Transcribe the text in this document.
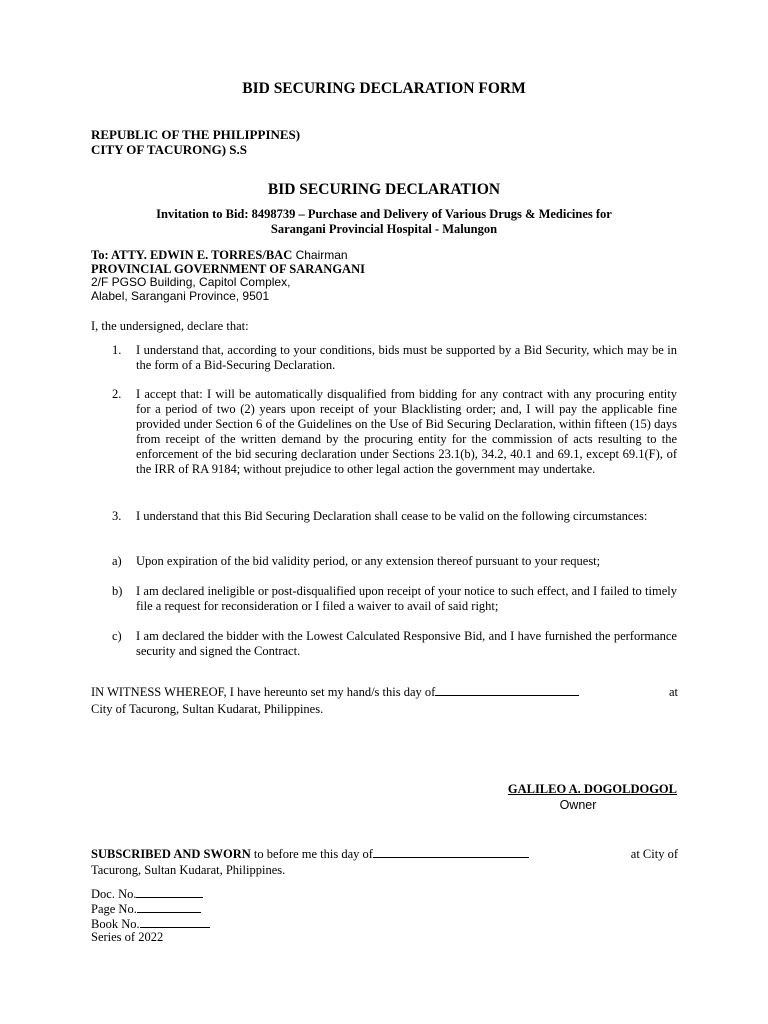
BID SECURING DECLARATION FORM
REPUBLIC OF THE PHILIPPINES)
CITY OF TACURONG) S.S
BID SECURING DECLARATION
Invitation to Bid: 8498739 – Purchase and Delivery of Various Drugs & Medicines for
Sarangani Provincial Hospital - Malungon
To: ATTY. EDWIN E. TORRES/BAC Chairman
PROVINCIAL GOVERNMENT OF SARANGANI
2/F PGSO Building, Capitol Complex,
Alabel, Sarangani Province, 9501
I, the undersigned, declare that:
1. I understand that, according to your conditions, bids must be supported by a Bid Security, which may be in the form of a Bid-Securing Declaration.
2. I accept that: I will be automatically disqualified from bidding for any contract with any procuring entity for a period of two (2) years upon receipt of your Blacklisting order; and, I will pay the applicable fine provided under Section 6 of the Guidelines on the Use of Bid Securing Declaration, within fifteen (15) days from receipt of the written demand by the procuring entity for the commission of acts resulting to the enforcement of the bid securing declaration under Sections 23.1(b), 34.2, 40.1 and 69.1, except 69.1(F), of the IRR of RA 9184; without prejudice to other legal action the government may undertake.
3. I understand that this Bid Securing Declaration shall cease to be valid on the following circumstances:
a) Upon expiration of the bid validity period, or any extension thereof pursuant to your request;
b) I am declared ineligible or post-disqualified upon receipt of your notice to such effect, and I failed to timely file a request for reconsideration or I filed a waiver to avail of said right;
c) I am declared the bidder with the Lowest Calculated Responsive Bid, and I have furnished the performance security and signed the Contract.
IN WITNESS WHEREOF, I have hereunto set my hand/s this day of	at
City of Tacurong, Sultan Kudarat, Philippines.
GALILEO A. DOGOLDOGOL
Owner
SUBSCRIBED AND SWORN to before me this day of	at City of
Tacurong, Sultan Kudarat, Philippines.
Doc. No.
Page No.
Book No.
Series of 2022
